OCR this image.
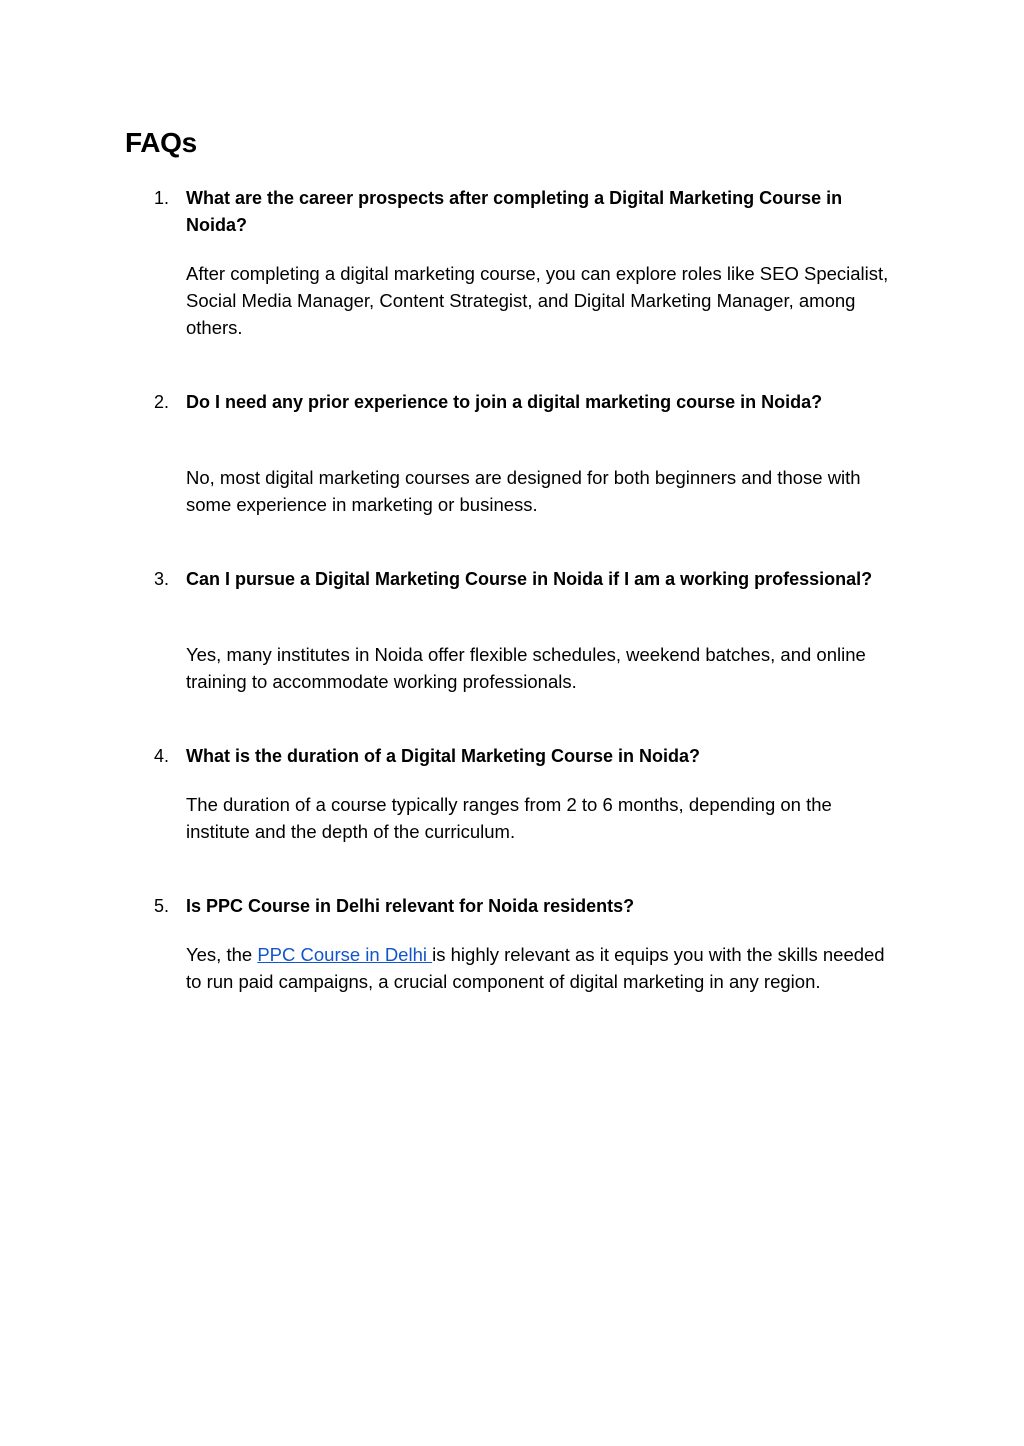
FAQs
1. What are the career prospects after completing a Digital Marketing Course in Noida?

After completing a digital marketing course, you can explore roles like SEO Specialist, Social Media Manager, Content Strategist, and Digital Marketing Manager, among others.

2. Do I need any prior experience to join a digital marketing course in Noida?

No, most digital marketing courses are designed for both beginners and those with some experience in marketing or business.

3. Can I pursue a Digital Marketing Course in Noida if I am a working professional?

Yes, many institutes in Noida offer flexible schedules, weekend batches, and online training to accommodate working professionals.

4. What is the duration of a Digital Marketing Course in Noida?

The duration of a course typically ranges from 2 to 6 months, depending on the institute and the depth of the curriculum.

5. Is PPC Course in Delhi relevant for Noida residents?

Yes, the PPC Course in Delhi is highly relevant as it equips you with the skills needed to run paid campaigns, a crucial component of digital marketing in any region.
